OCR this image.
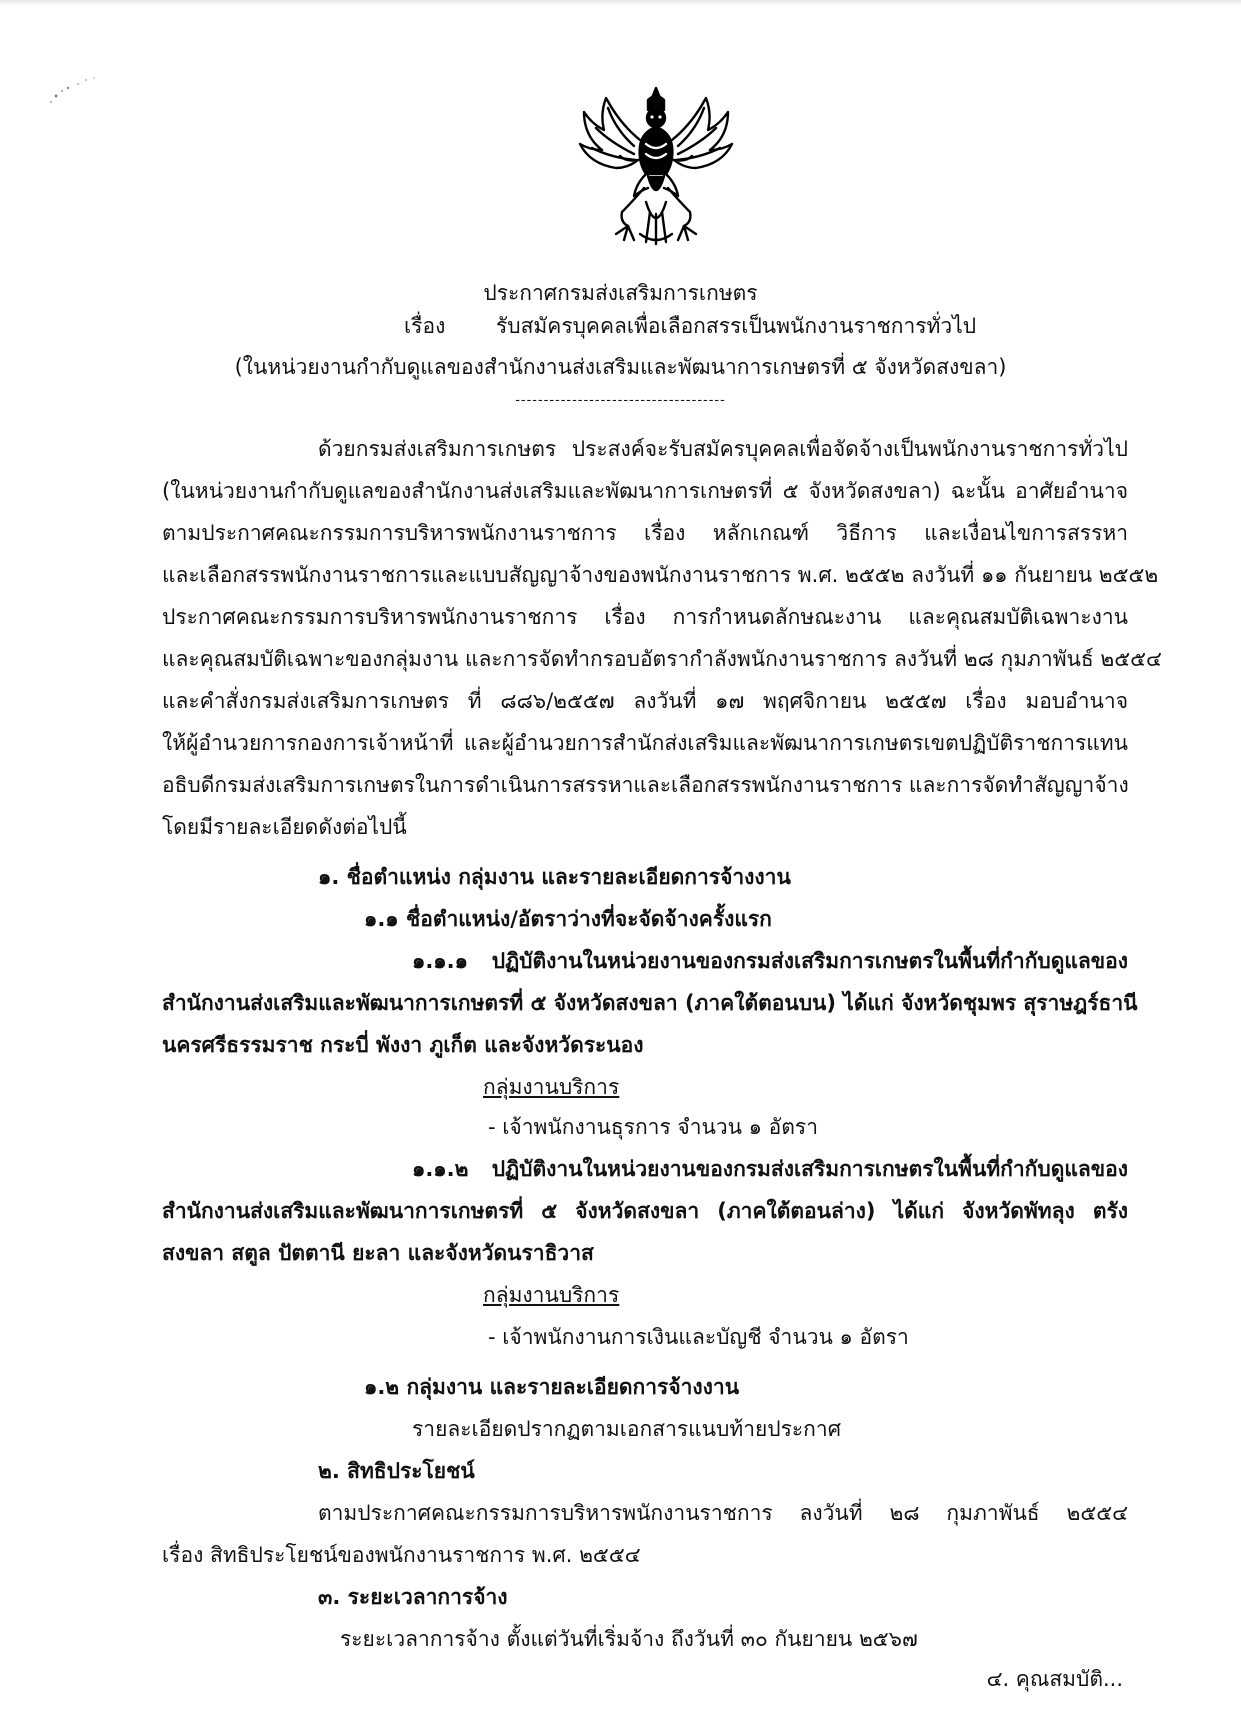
ประกาศกรมส่งเสริมการเกษตร
เรื่อง รับสมัครบุคคลเพื่อเลือกสรรเป็นพนักงานราชการทั่วไป
(ในหน่วยงานกำกับดูแลของสำนักงานส่งเสริมและพัฒนาการเกษตรที่ ๕ จังหวัดสงขลา)
-------------------------------------
ด้วยกรมส่งเสริมการเกษตร ประสงค์จะรับสมัครบุคคลเพื่อจัดจ้างเป็นพนักงานราชการทั่วไป
(ในหน่วยงานกำกับดูแลของสำนักงานส่งเสริมและพัฒนาการเกษตรที่ ๕ จังหวัดสงขลา) ฉะนั้น อาศัยอำนาจ
ตามประกาศคณะกรรมการบริหารพนักงานราชการ เรื่อง หลักเกณฑ์ วิธีการ และเงื่อนไขการสรรหา
และเลือกสรรพนักงานราชการและแบบสัญญาจ้างของพนักงานราชการ พ.ศ. ๒๕๕๒ ลงวันที่ ๑๑ กันยายน ๒๕๕๒
ประกาศคณะกรรมการบริหารพนักงานราชการ เรื่อง การกำหนดลักษณะงาน และคุณสมบัติเฉพาะงาน
และคุณสมบัติเฉพาะของกลุ่มงาน และการจัดทำกรอบอัตรากำลังพนักงานราชการ ลงวันที่ ๒๘ กุมภาพันธ์ ๒๕๕๔
และคำสั่งกรมส่งเสริมการเกษตร ที่ ๘๘๖/๒๕๕๗ ลงวันที่ ๑๗ พฤศจิกายน ๒๕๕๗ เรื่อง มอบอำนาจ
ให้ผู้อำนวยการกองการเจ้าหน้าที่ และผู้อำนวยการสำนักส่งเสริมและพัฒนาการเกษตรเขตปฏิบัติราชการแทน
อธิบดีกรมส่งเสริมการเกษตรในการดำเนินการสรรหาและเลือกสรรพนักงานราชการ และการจัดทำสัญญาจ้าง
โดยมีรายละเอียดดังต่อไปนี้
๑. ชื่อตำแหน่ง กลุ่มงาน และรายละเอียดการจ้างงาน
๑.๑ ชื่อตำแหน่ง/อัตราว่างที่จะจัดจ้างครั้งแรก
๑.๑.๑ ปฏิบัติงานในหน่วยงานของกรมส่งเสริมการเกษตรในพื้นที่กำกับดูแลของ
สำนักงานส่งเสริมและพัฒนาการเกษตรที่ ๕ จังหวัดสงขลา (ภาคใต้ตอนบน) ได้แก่ จังหวัดชุมพร สุราษฎร์ธานี
นครศรีธรรมราช กระบี่ พังงา ภูเก็ต และจังหวัดระนอง
กลุ่มงานบริการ
- เจ้าพนักงานธุรการ จำนวน ๑ อัตรา
๑.๑.๒ ปฏิบัติงานในหน่วยงานของกรมส่งเสริมการเกษตรในพื้นที่กำกับดูแลของ
สำนักงานส่งเสริมและพัฒนาการเกษตรที่ ๕ จังหวัดสงขลา (ภาคใต้ตอนล่าง) ได้แก่ จังหวัดพัทลุง ตรัง
สงขลา สตูล ปัตตานี ยะลา และจังหวัดนราธิวาส
กลุ่มงานบริการ
- เจ้าพนักงานการเงินและบัญชี จำนวน ๑ อัตรา
๑.๒ กลุ่มงาน และรายละเอียดการจ้างงาน
รายละเอียดปรากฏตามเอกสารแนบท้ายประกาศ
๒. สิทธิประโยชน์
ตามประกาศคณะกรรมการบริหารพนักงานราชการ ลงวันที่ ๒๘ กุมภาพันธ์ ๒๕๕๔
เรื่อง สิทธิประโยชน์ของพนักงานราชการ พ.ศ. ๒๕๕๔
๓. ระยะเวลาการจ้าง
ระยะเวลาการจ้าง ตั้งแต่วันที่เริ่มจ้าง ถึงวันที่ ๓๐ กันยายน ๒๕๖๗
๔. คุณสมบัติ...
